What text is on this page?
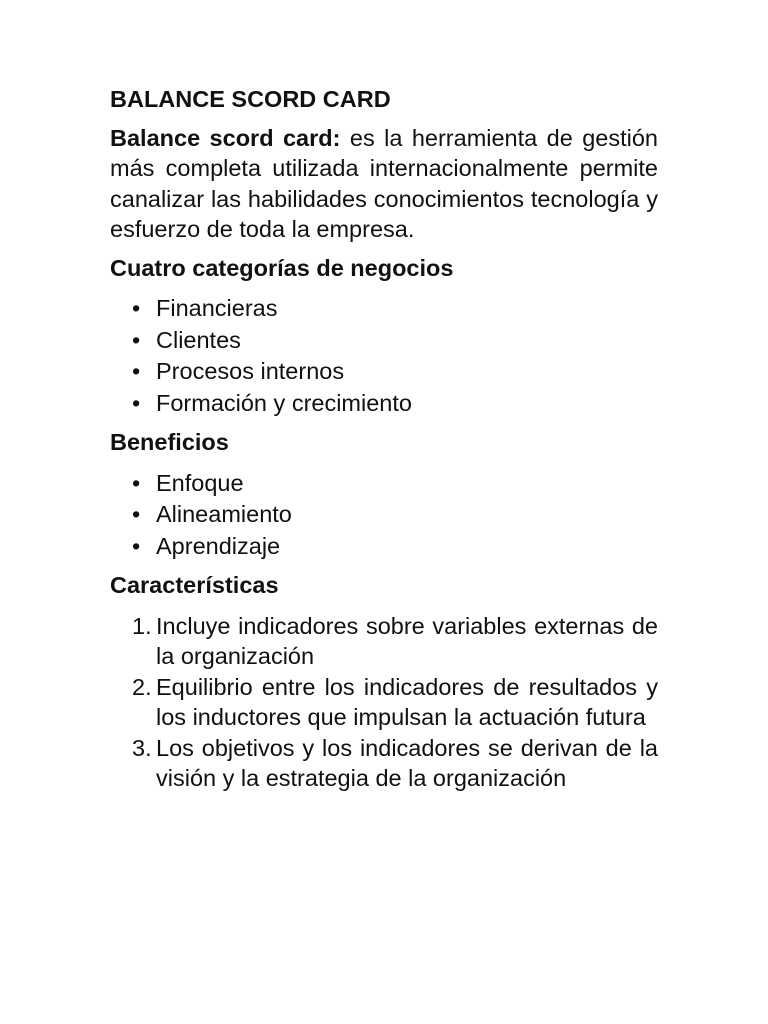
BALANCE SCORD CARD

Balance scord card: es la herramienta de gestión más completa utilizada internacionalmente permite canalizar las habilidades conocimientos tecnología y esfuerzo de toda la empresa.

Cuatro categorías de negocios
• Financieras
• Clientes
• Procesos internos
• Formación y crecimiento
Beneficios
• Enfoque
• Alineamiento
• Aprendizaje
Características
1. Incluye indicadores sobre variables externas de la organización
2. Equilibrio entre los indicadores de resultados y los inductores que impulsan la actuación futura
3. Los objetivos y los indicadores se derivan de la visión y la estrategia de la organización
